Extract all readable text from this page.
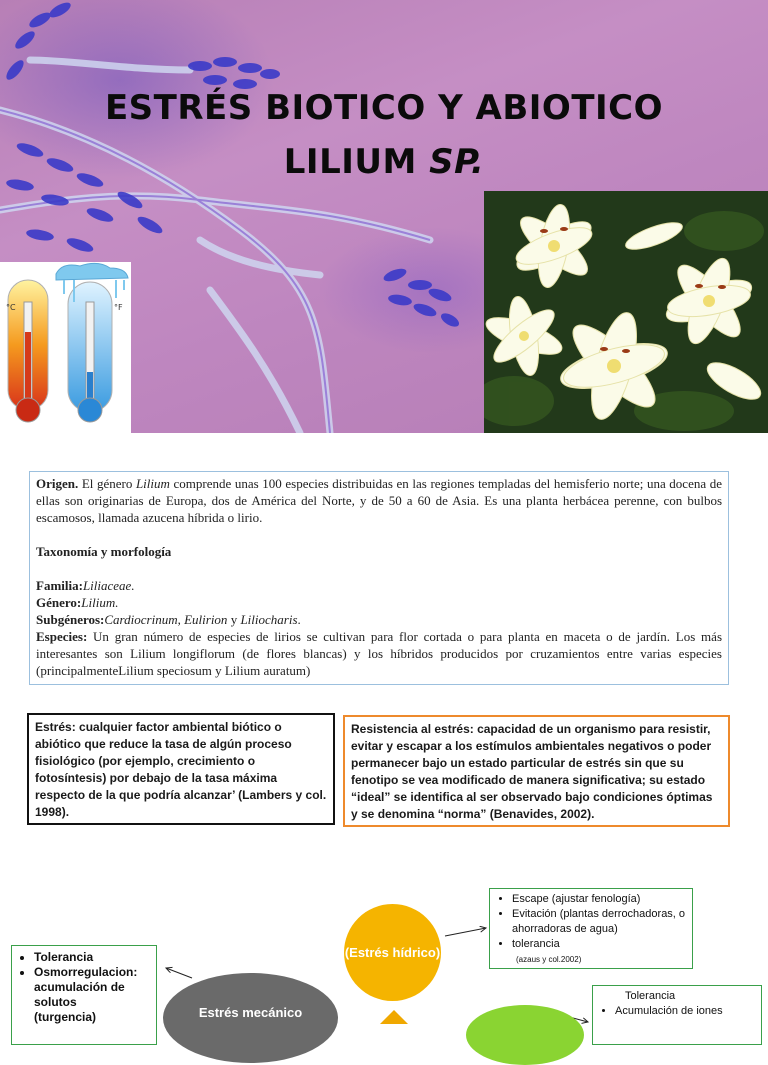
ESTRÉS BIOTICO Y ABIOTICO
LILIUM SP.
°C	°F

Origen. El género Lilium comprende unas 100 especies distribuidas en las regiones templadas del hemisferio norte; una docena de ellas son originarias de Europa, dos de América del Norte, y de 50 a 60 de Asia. Es una planta herbácea perenne, con bulbos escamosos, llamada azucena híbrida o lirio.

Taxonomía y morfología

Familia:Liliaceae.

Género:Lilium.

Subgéneros:Cardiocrinum, Eulirion y Liliocharis.

Especies: Un gran número de especies de lirios se cultivan para flor cortada o para planta en maceta o de jardín. Los más interesantes son Lilium longiflorum (de flores blancas) y los híbridos producidos por cruzamientos entre varias especies (principalmenteLilium speciosum y Lilium auratum)

Estrés: cualquier factor ambiental biótico o abiótico que reduce la tasa de algún proceso fisiológico (por ejemplo, crecimiento o fotosíntesis) por debajo de la tasa máxima respecto de la que podría alcanzar’ (Lambers y col. 1998).
Resistencia al estrés: capacidad de un organismo para resistir, evitar y escapar a los estímulos ambientales negativos o poder permanecer bajo un estado particular de estrés sin que su fenotipo se vea modificado de manera significativa; su estado “ideal” se identifica al ser observado bajo condiciones óptimas y se denomina “norma” (Benavides, 2002).
• Tolerancia
• Osmorregulacion: acumulación de solutos
(turgencia)
• Escape (ajustar fenología)
• Evitación (plantas derrochadoras, o ahorradoras de agua)
• tolerancia
(azaus y col.2002)
Tolerancia
• Acumulación de iones
(Estrés hídrico)
Estrés mecánico
